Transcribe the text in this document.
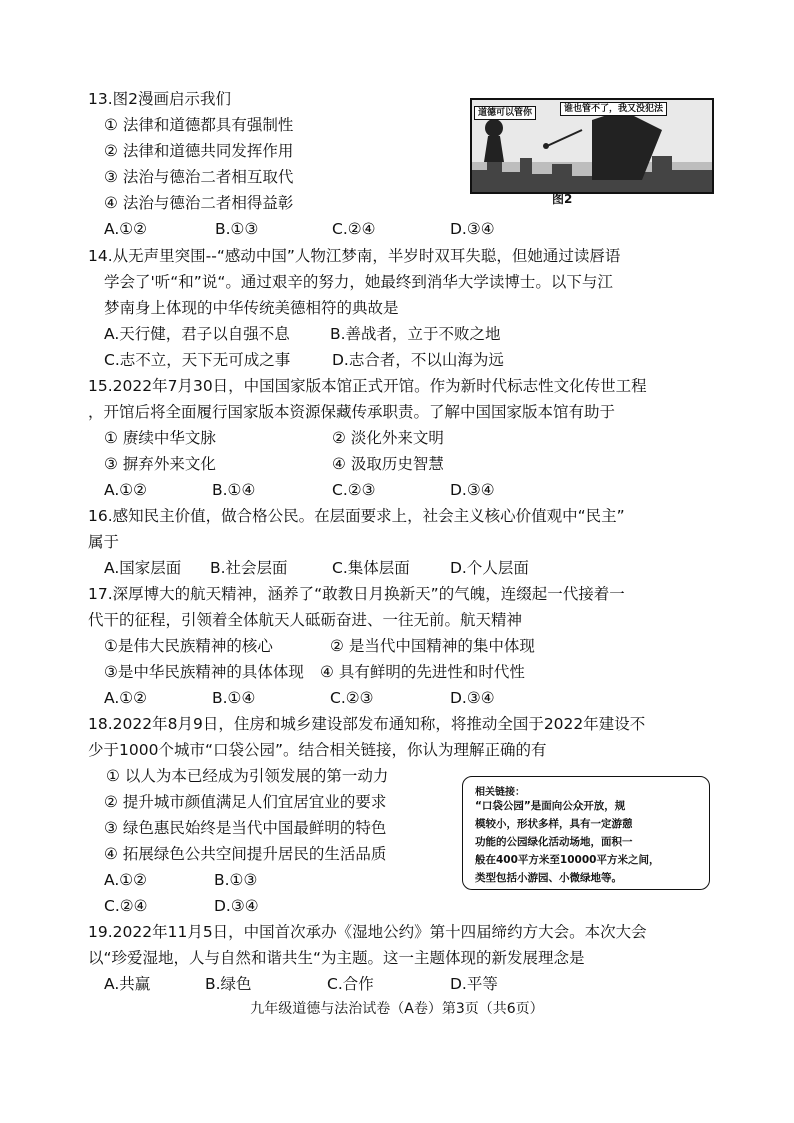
13.图2漫画启示我们
① 法律和道德都具有强制性
② 法律和道德共同发挥作用
③ 法治与德治二者相互取代
④ 法治与德治二者相得益彰
A.①②	B.①③	C.②④	D.③④
道德可以管你	谁也管不了，我又没犯法
图2
14.从无声里突围--“感动中国”人物江梦南，半岁时双耳失聪，但她通过读唇语
学会了'听“和”说“。通过艰辛的努力，她最终到消华大学读博士。以下与江
梦南身上体现的中华传统美德相符的典故是
A.天行健，君子以自强不息	B.善战者，立于不败之地
C.志不立，天下无可成之事	D.志合者，不以山海为远
15.2022年7月30日，中国国家版本馆正式开馆。作为新时代标志性文化传世工程
，开馆后将全面履行国家版本资源保藏传承职责。了解中国国家版本馆有助于
① 赓续中华文脉	② 淡化外来文明
③ 摒弃外来文化	④ 汲取历史智慧
A.①②	B.①④	C.②③	D.③④
16.感知民主价值，做合格公民。在层面要求上，社会主义核心价值观中“民主”
属于
A.国家层面 B.社会层面	C.集体层面	D.个人层面
17.深厚博大的航天精神，涵养了“敢教日月换新天”的气魄，连缀起一代接着一
代干的征程，引领着全体航天人砥砺奋进、一往无前。航天精神
①是伟大民族精神的核心	② 是当代中国精神的集中体现
③是中华民族精神的具体体现 ④ 具有鲜明的先进性和时代性
A.①②	B.①④	C.②③	D.③④
18.2022年8月9日，住房和城乡建设部发布通知称，将推动全国于2022年建设不
少于1000个城市“口袋公园”。结合相关链接，你认为理解正确的有
① 以人为本已经成为引领发展的第一动力
② 提升城市颜值满足人们宜居宜业的要求
③ 绿色惠民始终是当代中国最鲜明的特色
④ 拓展绿色公共空间提升居民的生活品质
A.①②	B.①③
C.②④	D.③④
相关链接：
“口袋公园”是面向公众开放，规
模较小，形状多样，具有一定游憩
功能的公园绿化活动场地，面积一
般在400平方米至10000平方米之间，
类型包括小游园、小微绿地等。
19.2022年11月5日，中国首次承办《湿地公约》第十四届缔约方大会。本次大会
以“珍爱湿地，人与自然和谐共生“为主题。这一主题体现的新发展理念是
A.共赢	B.绿色	C.合作	D.平等
九年级道德与法治试卷（A卷）第3页（共6页）
